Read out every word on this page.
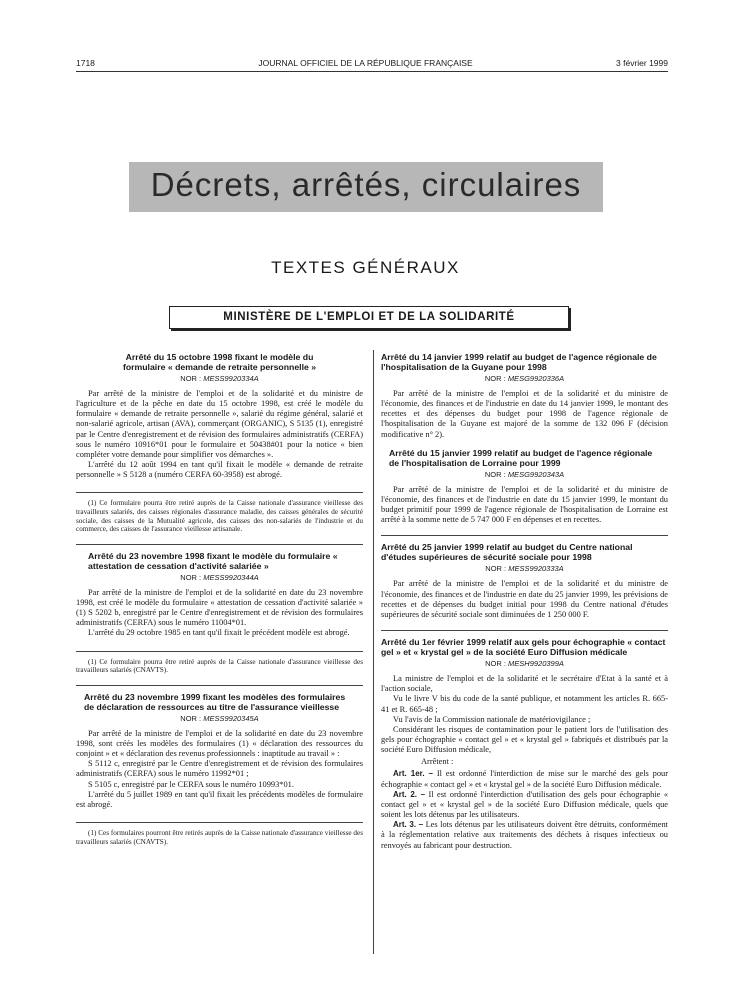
1718	JOURNAL OFFICIEL DE LA RÉPUBLIQUE FRANÇAISE	3 février 1999
Décrets, arrêtés, circulaires
TEXTES GÉNÉRAUX
MINISTÈRE DE L'EMPLOI ET DE LA SOLIDARITÉ

Arrêté du 15 octobre 1998 fixant le modèle du formulaire « demande de retraite personnelle »

NOR : MESS9920334A

Par arrêté de la ministre de l'emploi et de la solidarité et du ministre de l'agriculture et de la pêche en date du 15 octobre 1998, est créé le modèle du formulaire « demande de retraite personnelle », salarié du régime général, salarié et non-salarié agricole, artisan (AVA), commerçant (ORGANIC), S 5135 (1), enregistré par le Centre d'enregistrement et de révision des formulaires administratifs (CERFA) sous le numéro 10916*01 pour le formulaire et 50438#01 pour la notice « bien compléter votre demande pour simplifier vos démarches ».

L'arrêté du 12 août 1994 en tant qu'il fixait le modèle « demande de retraite personnelle » S 5128 a (numéro CERFA 60-3958) est abrogé.

(1) Ce formulaire pourra être retiré auprès de la Caisse nationale d'assurance vieillesse des travailleurs salariés, des caisses régionales d'assurance maladie, des caisses générales de sécurité sociale, des caisses de la Mutualité agricole, des caisses des non-salariés de l'industrie et du commerce, des caisses de l'assurance vieillesse artisanale.

Arrêté du 23 novembre 1998 fixant le modèle du formulaire « attestation de cessation d'activité salariée »

NOR : MESS9920344A

Par arrêté de la ministre de l'emploi et de la solidarité en date du 23 novembre 1998, est créé le modèle du formulaire « attestation de cessation d'activité salariée » (1) S 5202 b, enregistré par le Centre d'enregistrement et de révision des formulaires administratifs (CERFA) sous le numéro 11004*01.

L'arrêté du 29 octobre 1985 en tant qu'il fixait le précédent modèle est abrogé.

(1) Ce formulaire pourra être retiré auprès de la Caisse nationale d'assurance vieillesse des travailleurs salariés (CNAVTS).

Arrêté du 23 novembre 1999 fixant les modèles des formulaires de déclaration de ressources au titre de l'assurance vieillesse

NOR : MESS9920345A

Par arrêté de la ministre de l'emploi et de la solidarité en date du 23 novembre 1998, sont créés les modèles des formulaires (1) « déclaration des ressources du conjoint » et « déclaration des revenus professionnels : inaptitude au travail » :

S 5112 c, enregistré par le Centre d'enregistrement et de révision des formulaires administratifs (CERFA) sous le numéro 11992*01 ;

S 5105 c, enregistré par le CERFA sous le numéro 10993*01.

L'arrêté du 5 juillet 1989 en tant qu'il fixait les précédents modèles de formulaire est abrogé.

(1) Ces formulaires pourront être retirés auprès de la Caisse nationale d'assurance vieillesse des travailleurs salariés (CNAVTS).

Arrêté du 14 janvier 1999 relatif au budget de l'agence régionale de l'hospitalisation de la Guyane pour 1998

NOR : MESG9920336A

Par arrêté de la ministre de l'emploi et de la solidarité et du ministre de l'économie, des finances et de l'industrie en date du 14 janvier 1999, le montant des recettes et des dépenses du budget pour 1998 de l'agence régionale de l'hospitalisation de la Guyane est majoré de la somme de 132 096 F (décision modificative n° 2).

Arrêté du 15 janvier 1999 relatif au budget de l'agence régionale de l'hospitalisation de Lorraine pour 1999

NOR : MESG9920343A

Par arrêté de la ministre de l'emploi et de la solidarité et du ministre de l'économie, des finances et de l'industrie en date du 15 janvier 1999, le montant du budget primitif pour 1999 de l'agence régionale de l'hospitalisation de Lorraine est arrêté à la somme nette de 5 747 000 F en dépenses et en recettes.

Arrêté du 25 janvier 1999 relatif au budget du Centre national d'études supérieures de sécurité sociale pour 1998

NOR : MESS9920333A

Par arrêté de la ministre de l'emploi et de la solidarité et du ministre de l'économie, des finances et de l'industrie en date du 25 janvier 1999, les prévisions de recettes et de dépenses du budget initial pour 1998 du Centre national d'études supérieures de sécurité sociale sont diminuées de 1 250 000 F.

Arrêté du 1er février 1999 relatif aux gels pour échographie « contact gel » et « krystal gel » de la société Euro Diffusion médicale

NOR : MESH9920399A

La ministre de l'emploi et de la solidarité et le secrétaire d'Etat à la santé et à l'action sociale,

Vu le livre V bis du code de la santé publique, et notamment les articles R. 665-41 et R. 665-48 ;

Vu l'avis de la Commission nationale de matériovigilance ;

Considérant les risques de contamination pour le patient lors de l'utilisation des gels pour échographie « contact gel » et « krystal gel » fabriqués et distribués par la société Euro Diffusion médicale,

Arrêtent :

Art. 1er. – Il est ordonné l'interdiction de mise sur le marché des gels pour échographie « contact gel » et « krystal gel » de la société Euro Diffusion médicale.

Art. 2. – Il est ordonné l'interdiction d'utilisation des gels pour échographie « contact gel » et « krystal gel » de la société Euro Diffusion médicale, quels que soient les lots détenus par les utilisateurs.

Art. 3. – Les lots détenus par les utilisateurs doivent être détruits, conformément à la réglementation relative aux traitements des déchets à risques infectieux ou renvoyés au fabricant pour destruction.
